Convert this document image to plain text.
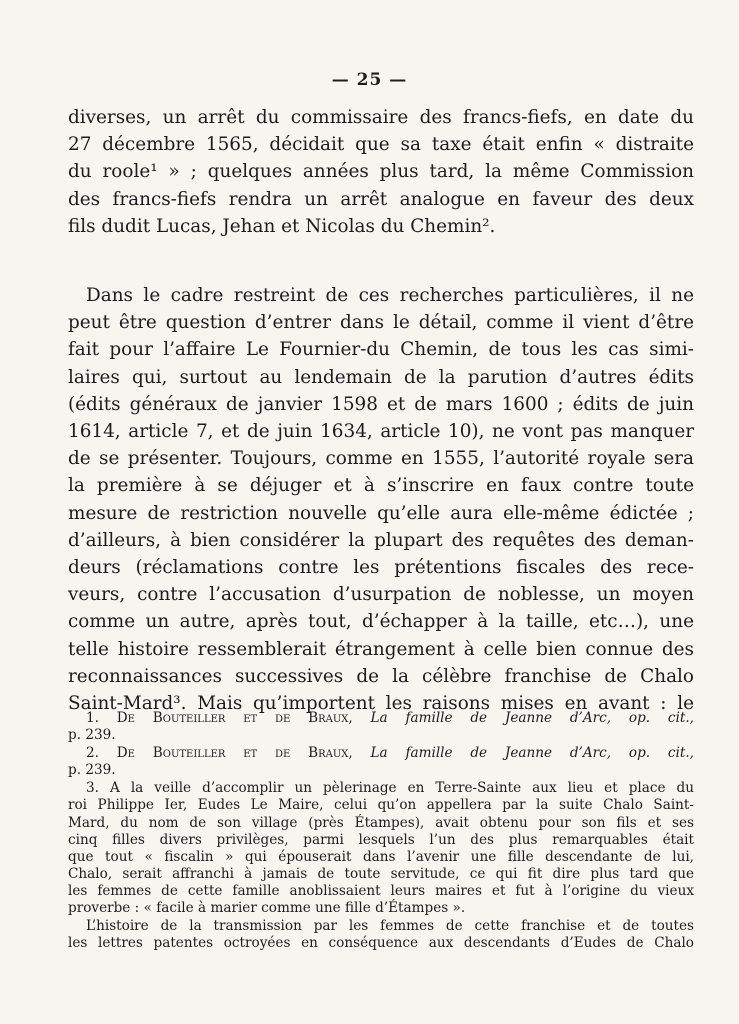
— 25 —
diverses, un arrêt du commissaire des francs-fiefs, en date du
27 décembre 1565, décidait que sa taxe était enfin « distraite
du roole¹ » ; quelques années plus tard, la même Commission
des francs-fiefs rendra un arrêt analogue en faveur des deux
fils dudit Lucas, Jehan et Nicolas du Chemin².
Dans le cadre restreint de ces recherches particulières, il ne
peut être question d’entrer dans le détail, comme il vient d’être
fait pour l’affaire Le Fournier-du Chemin, de tous les cas simi-
laires qui, surtout au lendemain de la parution d’autres édits
(édits généraux de janvier 1598 et de mars 1600 ; édits de juin
1614, article 7, et de juin 1634, article 10), ne vont pas manquer
de se présenter. Toujours, comme en 1555, l’autorité royale sera
la première à se déjuger et à s’inscrire en faux contre toute
mesure de restriction nouvelle qu’elle aura elle-même édictée ;
d’ailleurs, à bien considérer la plupart des requêtes des deman-
deurs (réclamations contre les prétentions fiscales des rece-
veurs, contre l’accusation d’usurpation de noblesse, un moyen
comme un autre, après tout, d’échapper à la taille, etc…), une
telle histoire ressemblerait étrangement à celle bien connue des
reconnaissances successives de la célèbre franchise de Chalo
Saint-Mard³. Mais qu’importent les raisons mises en avant : le
1. De Bouteiller et de Braux, La famille de Jeanne d’Arc, op. cit.,
p. 239.
2. De Bouteiller et de Braux, La famille de Jeanne d’Arc, op. cit.,
p. 239.
3. A la veille d’accomplir un pèlerinage en Terre-Sainte aux lieu et place du
roi Philippe Ier, Eudes Le Maire, celui qu’on appellera par la suite Chalo Saint-
Mard, du nom de son village (près Étampes), avait obtenu pour son fils et ses
cinq filles divers privilèges, parmi lesquels l’un des plus remarquables était
que tout « fiscalin » qui épouserait dans l’avenir une fille descendante de lui,
Chalo, serait affranchi à jamais de toute servitude, ce qui fit dire plus tard que
les femmes de cette famille anoblissaient leurs maires et fut à l’origine du vieux
proverbe : « facile à marier comme une fille d’Étampes ».
L’histoire de la transmission par les femmes de cette franchise et de toutes
les lettres patentes octroyées en conséquence aux descendants d’Eudes de Chalo
